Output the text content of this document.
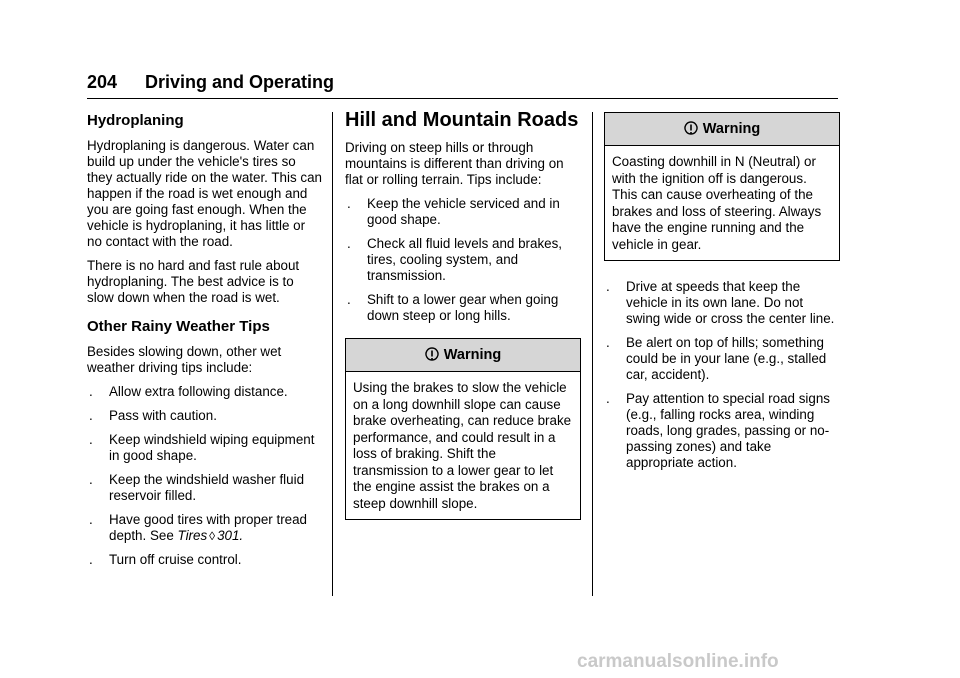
204 Driving and Operating
Hydroplaning

Hydroplaning is dangerous. Water can build up under the vehicle's tires so they actually ride on the water. This can happen if the road is wet enough and you are going fast enough. When the vehicle is hydroplaning, it has little or no contact with the road.

There is no hard and fast rule about hydroplaning. The best advice is to slow down when the road is wet.

Other Rainy Weather Tips

Besides slowing down, other wet weather driving tips include:

. Allow extra following distance.
. Pass with caution.
. Keep windshield wiping equipment in good shape.
. Keep the windshield washer fluid reservoir filled.
. Have good tires with proper tread depth. See Tires ◊ 301.
. Turn off cruise control.
Hill and Mountain Roads

Driving on steep hills or through mountains is different than driving on flat or rolling terrain. Tips include:

. Keep the vehicle serviced and in good shape.
. Check all fluid levels and brakes, tires, cooling system, and transmission.
. Shift to a lower gear when going down steep or long hills.
Warning
Using the brakes to slow the vehicle on a long downhill slope can cause brake overheating, can reduce brake performance, and could result in a loss of braking. Shift the transmission to a lower gear to let the engine assist the brakes on a steep downhill slope.
Warning
Coasting downhill in N (Neutral) or with the ignition off is dangerous. This can cause overheating of the brakes and loss of steering. Always have the engine running and the vehicle in gear.
. Drive at speeds that keep the vehicle in its own lane. Do not swing wide or cross the center line.
. Be alert on top of hills; something could be in your lane (e.g., stalled car, accident).
. Pay attention to special road signs (e.g., falling rocks area, winding roads, long grades, passing or no-passing zones) and take appropriate action.
carmanualsonline.info
